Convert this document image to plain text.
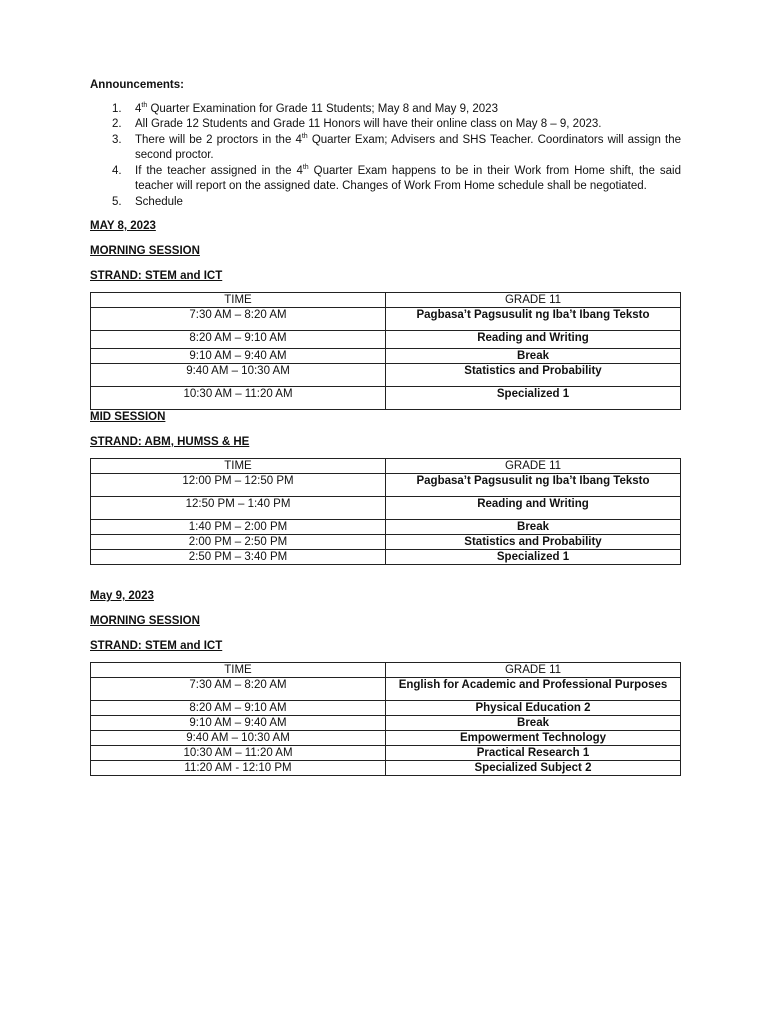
Announcements:

1. 4th Quarter Examination for Grade 11 Students; May 8 and May 9, 2023
2. All Grade 12 Students and Grade 11 Honors will have their online class on May 8 – 9, 2023.
3. There will be 2 proctors in the 4th Quarter Exam; Advisers and SHS Teacher. Coordinators will assign the second proctor.
4. If the teacher assigned in the 4th Quarter Exam happens to be in their Work from Home shift, the said teacher will report on the assigned date. Changes of Work From Home schedule shall be negotiated.
5. Schedule

MAY 8, 2023

MORNING SESSION

STRAND: STEM and ICT

TIME	GRADE 11
7:30 AM – 8:20 AM	Pagbasa’t Pagsusulit ng Iba’t Ibang Teksto
8:20 AM – 9:10 AM	Reading and Writing
9:10 AM – 9:40 AM	Break
9:40 AM – 10:30 AM	Statistics and Probability
10:30 AM – 11:20 AM	Specialized 1

MID SESSION

STRAND: ABM, HUMSS & HE

TIME	GRADE 11
12:00 PM – 12:50 PM	Pagbasa’t Pagsusulit ng Iba’t Ibang Teksto
12:50 PM – 1:40 PM	Reading and Writing
1:40 PM – 2:00 PM	Break
2:00 PM – 2:50 PM	Statistics and Probability
2:50 PM – 3:40 PM	Specialized 1

May 9, 2023

MORNING SESSION

STRAND: STEM and ICT

TIME	GRADE 11
7:30 AM – 8:20 AM	English for Academic and Professional Purposes
8:20 AM – 9:10 AM	Physical Education 2
9:10 AM – 9:40 AM	Break
9:40 AM – 10:30 AM	Empowerment Technology
10:30 AM – 11:20 AM	Practical Research 1
11:20 AM - 12:10 PM	Specialized Subject 2
